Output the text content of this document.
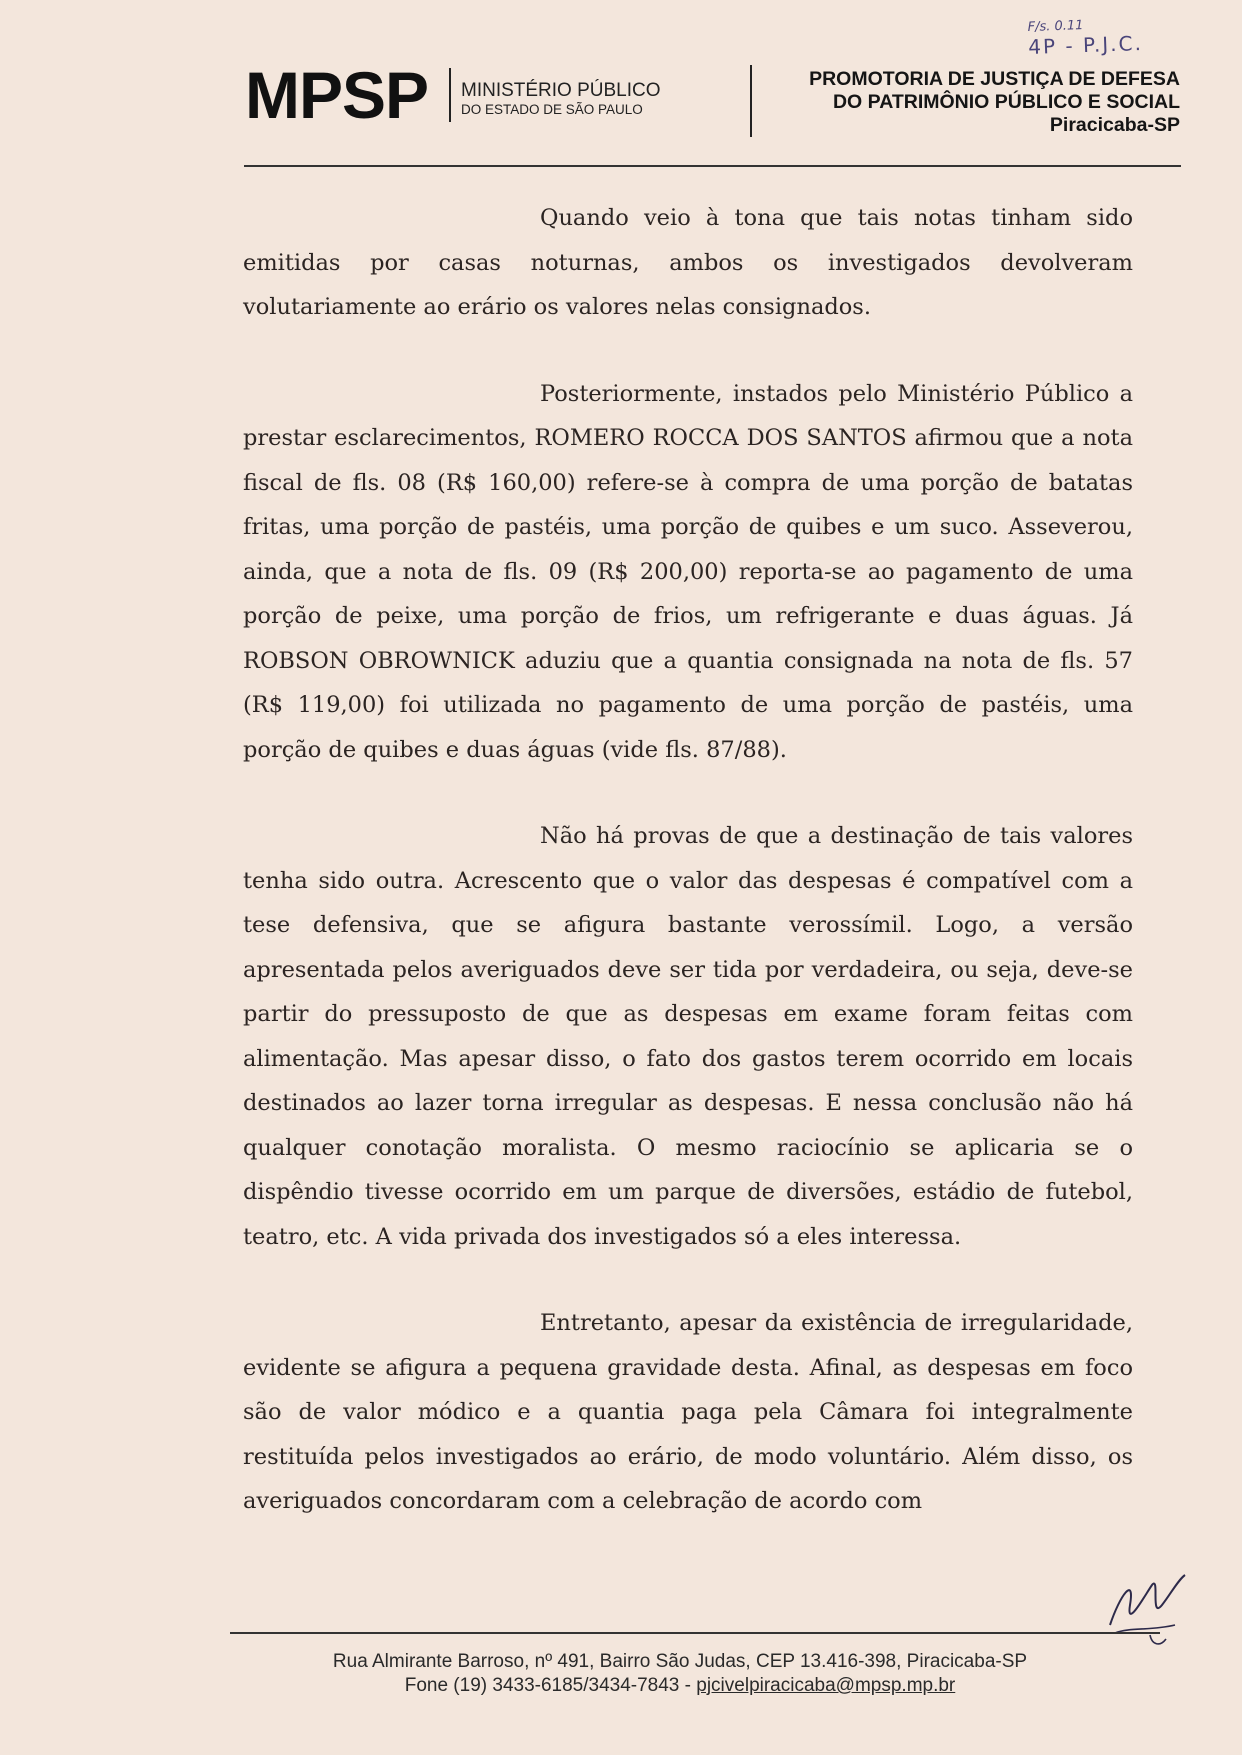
MPSP MINISTÉRIO PÚBLICO
DO ESTADO DE SÃO PAULO
PROMOTORIA DE JUSTIÇA DE DEFESA
DO PATRIMÔNIO PÚBLICO E SOCIAL
Piracicaba-SP
F/s. 0.11
4P - P.J.C.

Quando veio à tona que tais notas tinham sido emitidas por casas noturnas, ambos os investigados devolveram volutariamente ao erário os valores nelas consignados.

Posteriormente, instados pelo Ministério Público a prestar esclarecimentos, ROMERO ROCCA DOS SANTOS afirmou que a nota fiscal de fls. 08 (R$ 160,00) refere-se à compra de uma porção de batatas fritas, uma porção de pastéis, uma porção de quibes e um suco. Asseverou, ainda, que a nota de fls. 09 (R$ 200,00) reporta-se ao pagamento de uma porção de peixe, uma porção de frios, um refrigerante e duas águas. Já ROBSON OBROWNICK aduziu que a quantia consignada na nota de fls. 57 (R$ 119,00) foi utilizada no pagamento de uma porção de pastéis, uma porção de quibes e duas águas (vide fls. 87/88).

Não há provas de que a destinação de tais valores tenha sido outra. Acrescento que o valor das despesas é compatível com a tese defensiva, que se afigura bastante verossímil. Logo, a versão apresentada pelos averiguados deve ser tida por verdadeira, ou seja, deve-se partir do pressuposto de que as despesas em exame foram feitas com alimentação. Mas apesar disso, o fato dos gastos terem ocorrido em locais destinados ao lazer torna irregular as despesas. E nessa conclusão não há qualquer conotação moralista. O mesmo raciocínio se aplicaria se o dispêndio tivesse ocorrido em um parque de diversões, estádio de futebol, teatro, etc. A vida privada dos investigados só a eles interessa.

Entretanto, apesar da existência de irregularidade, evidente se afigura a pequena gravidade desta. Afinal, as despesas em foco são de valor módico e a quantia paga pela Câmara foi integralmente restituída pelos investigados ao erário, de modo voluntário. Além disso, os averiguados concordaram com a celebração de acordo com

Rua Almirante Barroso, nº 491, Bairro São Judas, CEP 13.416-398, Piracicaba-SP
Fone (19) 3433-6185/3434-7843 - pjcivelpiracicaba@mpsp.mp.br
